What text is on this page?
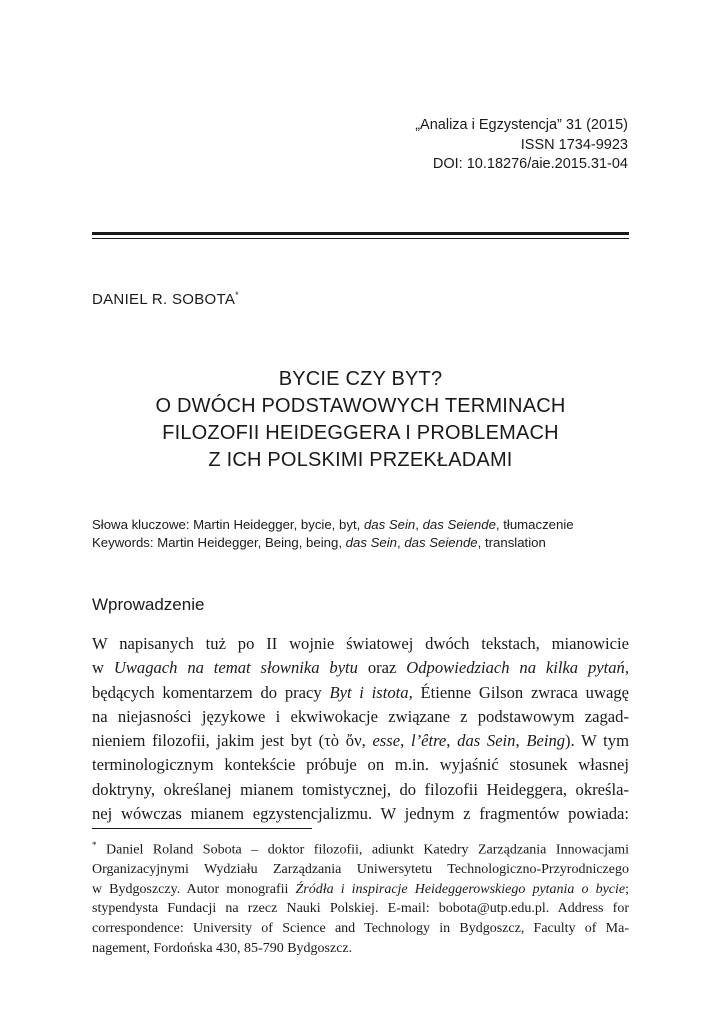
„Analiza i Egzystencja” 31 (2015)
ISSN 1734-9923
DOI: 10.18276/aie.2015.31-04
DANIEL R. SOBOTA*
BYCIE CZY BYT?
O DWÓCH PODSTAWOWYCH TERMINACH
FILOZOFII HEIDEGGERA I PROBLEMACH
Z ICH POLSKIMI PRZEKŁADAMI
Słowa kluczowe: Martin Heidegger, bycie, byt, das Sein, das Seiende, tłumaczenie
Keywords: Martin Heidegger, Being, being, das Sein, das Seiende, translation
Wprowadzenie
W napisanych tuż po II wojnie światowej dwóch tekstach, mianowicie
w Uwagach na temat słownika bytu oraz Odpowiedziach na kilka pytań,
będących komentarzem do pracy Byt i istota, Étienne Gilson zwraca uwagę
na niejasności językowe i ekwiwokacje związane z podstawowym zagad-
nieniem filozofii, jakim jest byt (τὸ ὄν, esse, l’être, das Sein, Being). W tym
terminologicznym kontekście próbuje on m.in. wyjaśnić stosunek własnej
doktryny, określanej mianem tomistycznej, do filozofii Heideggera, określa-
nej wówczas mianem egzystencjalizmu. W jednym z fragmentów powiada:
* Daniel Roland Sobota – doktor filozofii, adiunkt Katedry Zarządzania Innowacjami
Organizacyjnymi Wydziału Zarządzania Uniwersytetu Technologiczno-Przyrodniczego
w Bydgoszczy. Autor monografii Źródła i inspiracje Heideggerowskiego pytania o bycie;
stypendysta Fundacji na rzecz Nauki Polskiej. E-mail: bobota@utp.edu.pl. Address for
correspondence: University of Science and Technology in Bydgoszcz, Faculty of Ma-
nagement, Fordońska 430, 85-790 Bydgoszcz.
